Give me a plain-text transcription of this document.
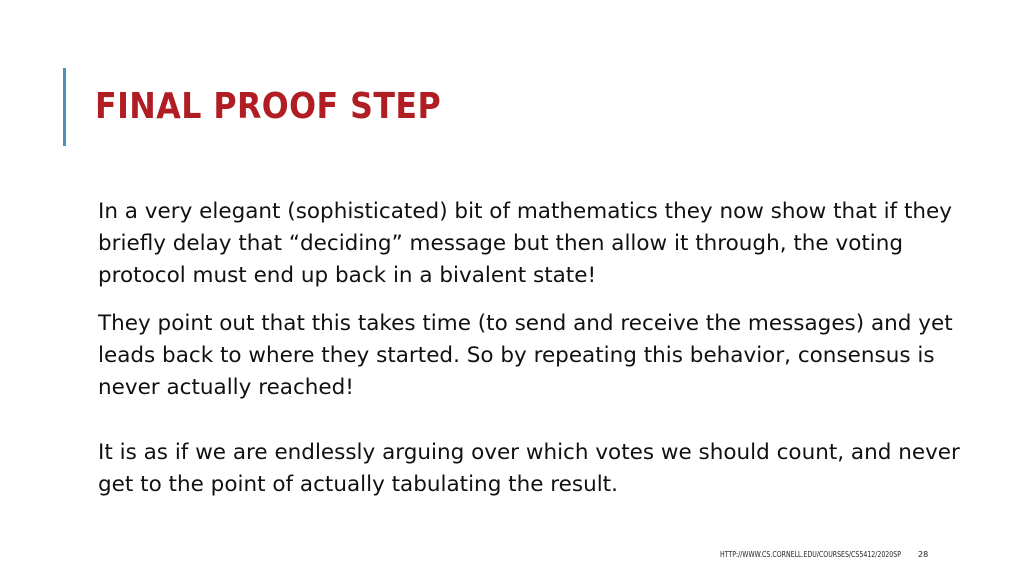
FINAL PROOF STEP

In a very elegant (sophisticated) bit of mathematics they now show that if they briefly delay that “deciding” message but then allow it through, the voting protocol must end up back in a bivalent state!

They point out that this takes time (to send and receive the messages) and yet leads back to where they started. So by repeating this behavior, consensus is never actually reached!

It is as if we are endlessly arguing over which votes we should count, and never get to the point of actually tabulating the result.

HTTP://WWW.CS.CORNELL.EDU/COURSES/CS5412/2020SP 28
